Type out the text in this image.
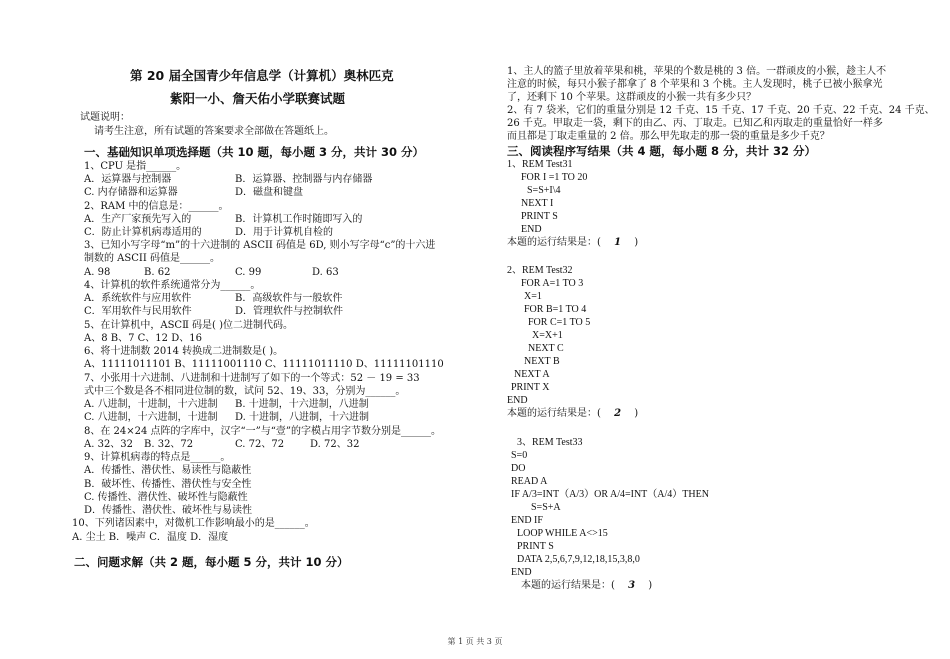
第 20 届全国青少年信息学（计算机）奥林匹克
紫阳一小、詹天佑小学联赛试题
试题说明：
请考生注意，所有试题的答案要求全部做在答题纸上。
一、基础知识单项选择题（共 10 题，每小题 3 分，共计 30 分）
1、CPU 是指______。
A．运算器与控制器	B．运算器、控制器与内存储器
C. 内存储器和运算器	D．磁盘和键盘
2、RAM 中的信息是：______。
A．生产厂家预先写入的	B．计算机工作时随即写入的
C．防止计算机病毒适用的	D．用于计算机自检的
3、已知小写字母“m”的十六进制的 ASCII 码值是 6D, 则小写字母“c”的十六进
制数的 ASCII 码值是______。
A. 98	B. 62	C. 99	D. 63
4、计算机的软件系统通常分为______。
A．系统软件与应用软件	B．高级软件与一般软件
C．军用软件与民用软件	D．管理软件与控制软件
5、在计算机中，ASCⅡ 码是( )位二进制代码。
A、8 B、7 C、12 D、16
6、将十进制数 2014 转换成二进制数是( )。
A、11111011101 B、11111001110 C、11111011110 D、11111101110
7、小张用十六进制、八进制和十进制写了如下的一个等式：52 － 19 = 33
式中三个数是各不相同进位制的数，试问 52、19、33，分别为______。
A. 八进制，十进制，十六进制 B. 十进制，十六进制，八进制
C. 八进制，十六进制，十进制 D. 十进制，八进制，十六进制
8、在 24×24 点阵的字库中，汉字“一”与“壹”的字模占用字节数分别是______。
A. 32、32 B. 32、72	C. 72、72	D. 72、32
9、计算机病毒的特点是______。
A．传播性、潜伏性、易读性与隐蔽性
B．破坏性、传播性、潜伏性与安全性
C. 传播性、潜伏性、破坏性与隐蔽性
D．传播性、潜伏性、破坏性与易读性
10、下列诸因素中，对微机工作影响最小的是______。
A. 尘土 B．噪声 C．温度 D．湿度
二、问题求解（共 2 题，每小题 5 分，共计 10 分）
1、主人的篮子里放着苹果和桃，苹果的个数是桃的 3 倍。一群顽皮的小猴，趁主人不
注意的时候，每只小猴子都拿了 8 个苹果和 3 个桃。主人发现时，桃子已被小猴拿光
了，还剩下 10 个苹果。这群顽皮的小猴一共有多少只？
2、有 7 袋米，它们的重量分别是 12 千克、15 千克、17 千克、20 千克、22 千克、24 千克、
26 千克。甲取走一袋，剩下的由乙、丙、丁取走。已知乙和丙取走的重量恰好一样多
而且都是丁取走重量的 2 倍。那么甲先取走的那一袋的重量是多少千克？
三、阅读程序写结果（共 4 题，每小题 8 分，共计 32 分）
1、REM Test31
FOR I =1 TO 20
S=S+I\4
NEXT I
PRINT S
END
本题的运行结果是：( 1 )
2、REM Test32
FOR A=1 TO 3
X=1
FOR B=1 TO 4
FOR C=1 TO 5
X=X+1
NEXT C
NEXT B
NEXT A
PRINT X
END
本题的运行结果是：( 2 )
3、REM Test33
S=0
DO
READ A
IF A/3=INT（A/3）OR A/4=INT（A/4）THEN
S=S+A
END IF
LOOP WHILE A<>15
PRINT S
DATA 2,5,6,7,9,12,18,15,3,8,0
END
本题的运行结果是：( 3 )
第 1 页 共 3 页
